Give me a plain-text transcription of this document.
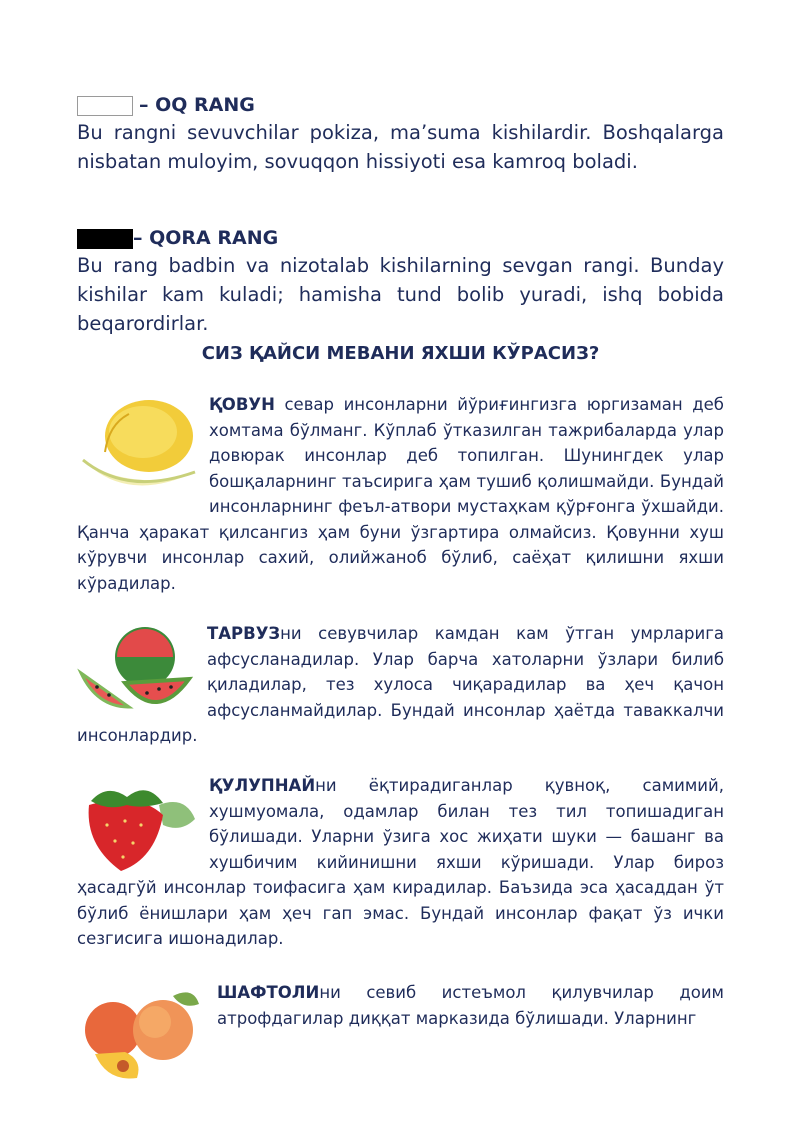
– OQ RANG
Bu rangni sevuvchilar pokiza, ma’suma kishilardir. Boshqalarga nisbatan muloyim, sovuqqon hissiyoti esa kamroq boladi.
– QORA RANG
Bu rang badbin va nizotalab kishilarning sevgan rangi. Bunday kishilar kam kuladi; hamisha tund bolib yuradi, ishq bobida beqarordirlar.
СИЗ ҚАЙСИ МЕВАНИ ЯХШИ КЎРАСИЗ?
ҚОВУН севар инсонларни йўриғингизга юргизаман деб хомтама бўлманг. Кўплаб ўтказилган тажрибаларда улар довюрак инсонлар деб топилган. Шунингдек улар бошқаларнинг таъсирига ҳам тушиб қолишмайди. Бундай инсонларнинг феъл-атвори мустаҳкам қўрғонга ўхшайди. Қанча ҳаракат қилсангиз ҳам буни ўзгартира олмайсиз. Қовунни хуш кўрувчи инсонлар сахий, олийжаноб бўлиб, саёҳат қилишни яхши кўрадилар.
ТАРВУЗни севувчилар камдан кам ўтган умрларига афсусланадилар. Улар барча хатоларни ўзлари билиб қиладилар, тез хулоса чиқарадилар ва ҳеч қачон афсусланмайдилар. Бундай инсонлар ҳаётда таваккалчи инсонлардир.
ҚУЛУПНАЙни ёқтирадиганлар қувноқ, самимий, хушмуомала, одамлар билан тез тил топишадиган бўлишади. Уларни ўзига хос жиҳати шуки — башанг ва хушбичим кийинишни яхши кўришади. Улар бироз ҳасадгўй инсонлар тоифасига ҳам кирадилар. Баъзида эса ҳасаддан ўт бўлиб ёнишлари ҳам ҳеч гап эмас. Бундай инсонлар фақат ўз ички сезгисига ишонадилар.
ШАФТОЛИни севиб истеъмол қилувчилар доим атрофдагилар диққат марказида бўлишади. Уларнинг
